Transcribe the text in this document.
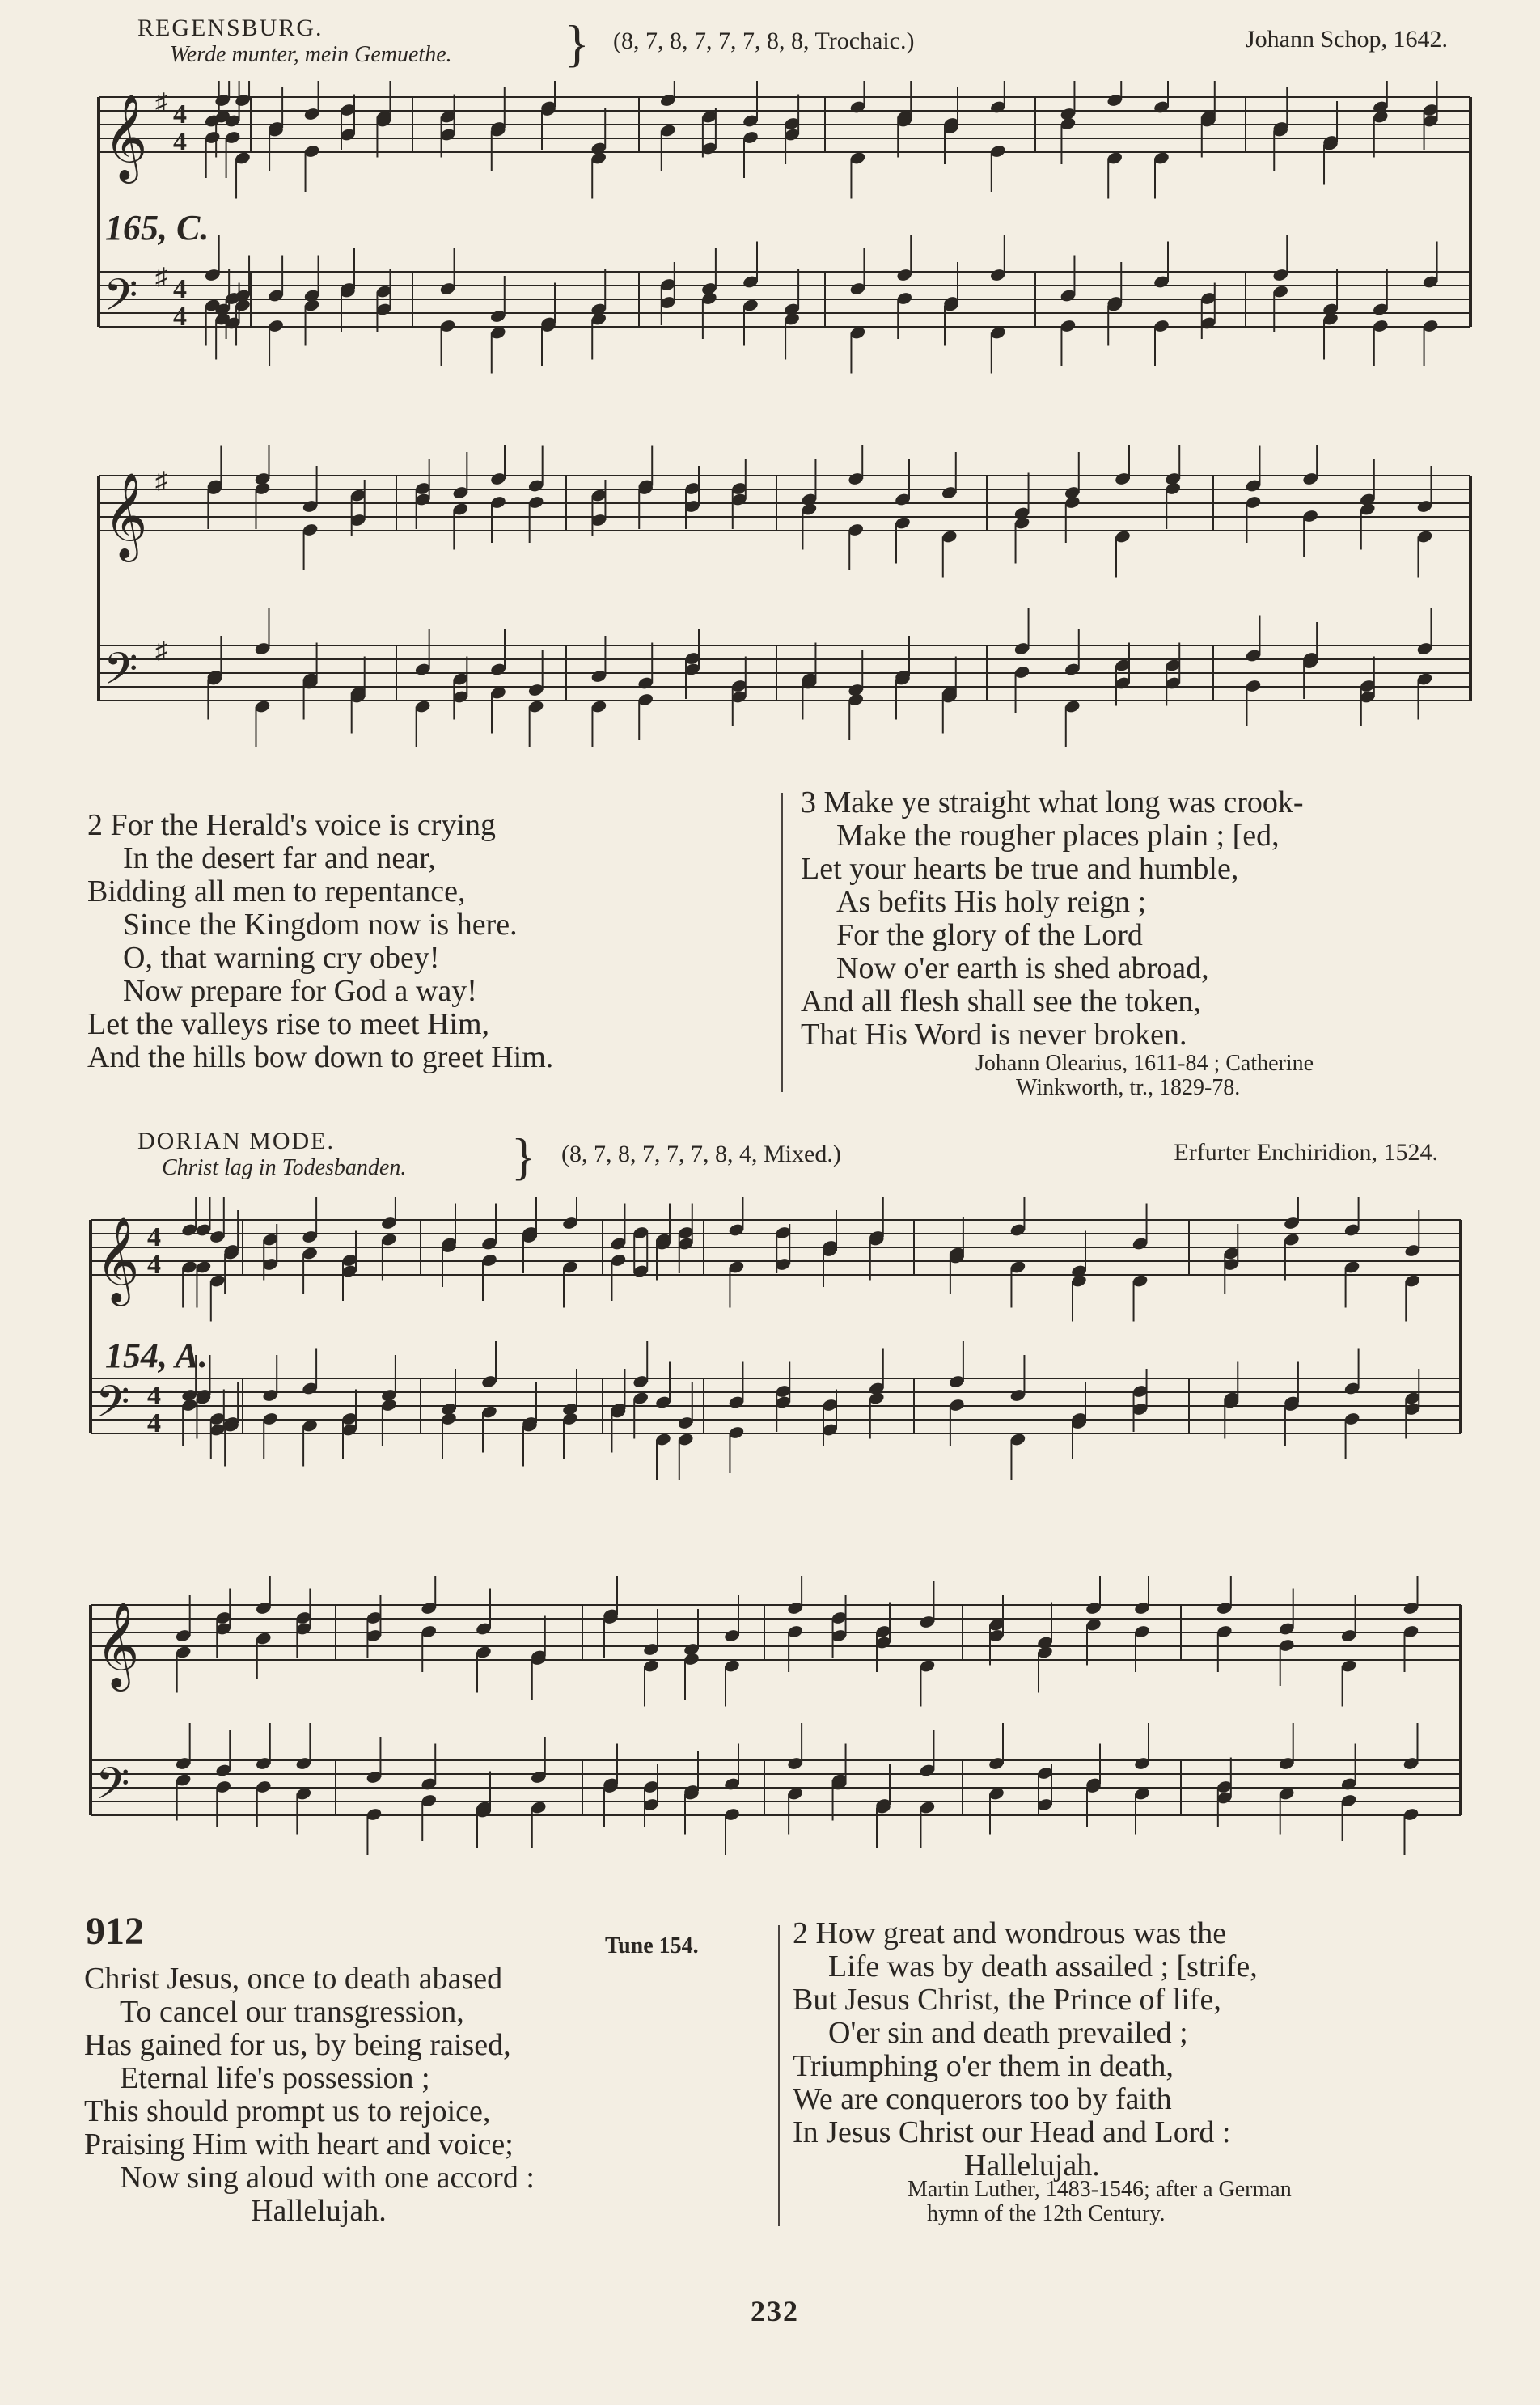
REGENSBURG.
Werde munter, mein Gemuethe. } (8, 7, 8, 7, 7, 7, 8, 8, Trochaic.)	Johann Schop, 1642.
165, C.
𝄞 ♯ 4
4
𝄢 ♯ 4
4
𝄞 ♯
𝄢 ♯
2 For the Herald's voice is crying
In the desert far and near,
Bidding all men to repentance,
Since the Kingdom now is here.
O, that warning cry obey!
Now prepare for God a way!
Let the valleys rise to meet Him,
And the hills bow down to greet Him.
3 Make ye straight what long was crook-
Make the rougher places plain ; [ed,
Let your hearts be true and humble,
As befits His holy reign ;
For the glory of the Lord
Now o'er earth is shed abroad,
And all flesh shall see the token,
That His Word is never broken.
Johann Olearius, 1611-84 ; Catherine
Winkworth, tr., 1829-78.
DORIAN MODE.
Christ lag in Todesbanden. } (8, 7, 8, 7, 7, 7, 8, 4, Mixed.)	Erfurter Enchiridion, 1524.
154, A.
𝄞 4
4
𝄢 4
4
𝄞
𝄢
912	Tune 154.
Christ Jesus, once to death abased
To cancel our transgression,
Has gained for us, by being raised,
Eternal life's possession ;
This should prompt us to rejoice,
Praising Him with heart and voice;
Now sing aloud with one accord :
Hallelujah.
2 How great and wondrous was the
Life was by death assailed ; [strife,
But Jesus Christ, the Prince of life,
O'er sin and death prevailed ;
Triumphing o'er them in death,
We are conquerors too by faith
In Jesus Christ our Head and Lord :
Hallelujah.
Martin Luther, 1483-1546; after a German
hymn of the 12th Century.
232
